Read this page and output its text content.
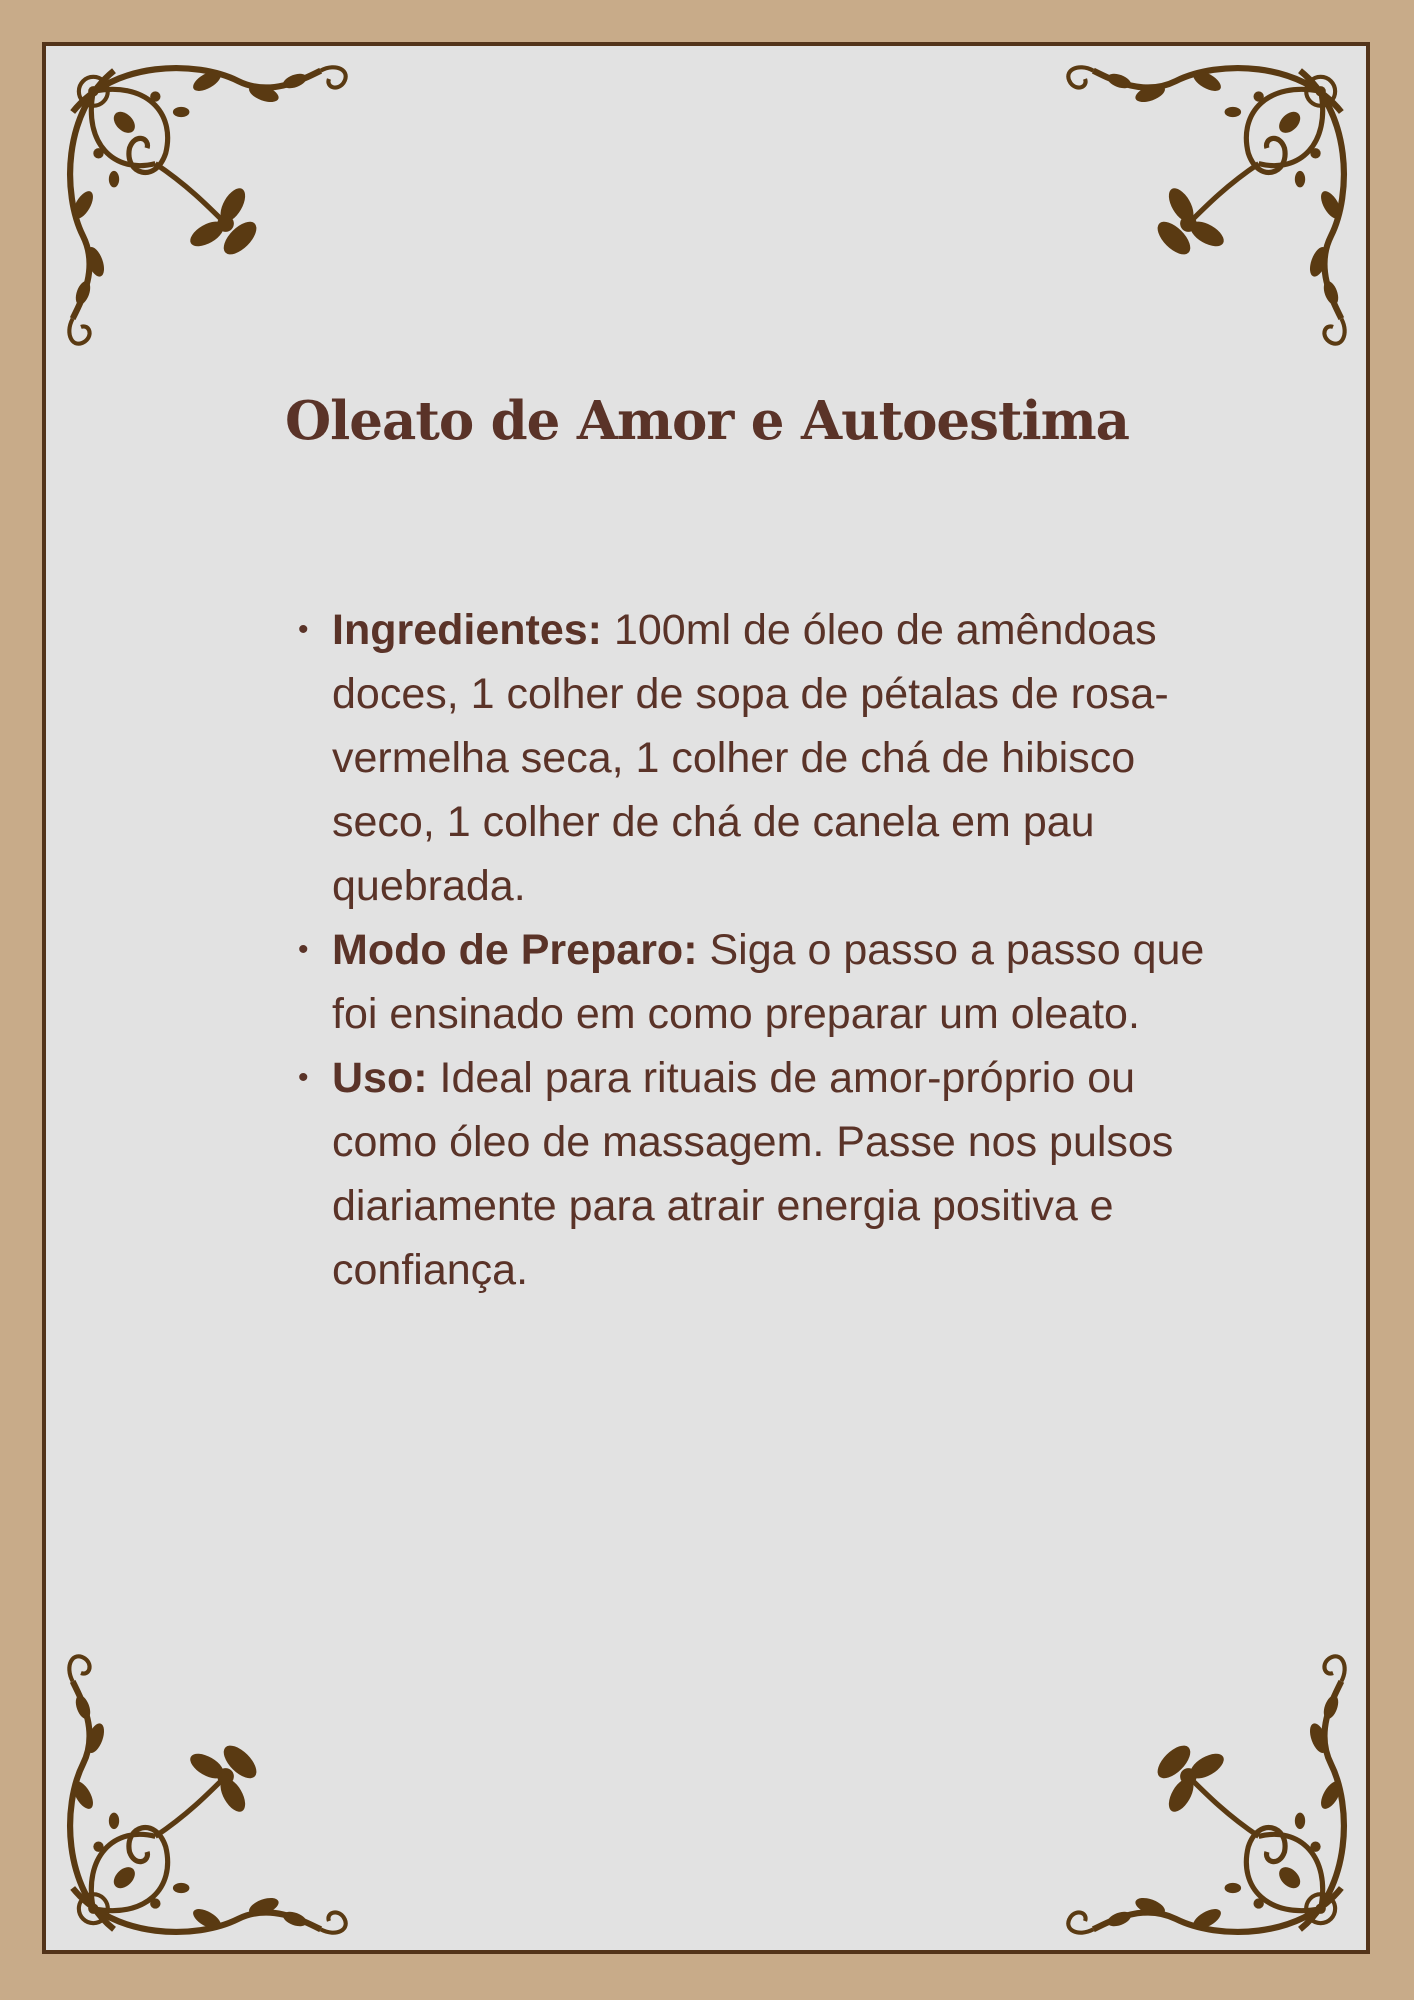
Oleato de Amor e Autoestima
• Ingredientes: 100ml de óleo de amêndoas doces, 1 colher de sopa de pétalas de rosa-vermelha seca, 1 colher de chá de hibisco seco, 1 colher de chá de canela em pau quebrada.
• Modo de Preparo: Siga o passo a passo que foi ensinado em como preparar um oleato.
• Uso: Ideal para rituais de amor-próprio ou como óleo de massagem. Passe nos pulsos diariamente para atrair energia positiva e confiança.
